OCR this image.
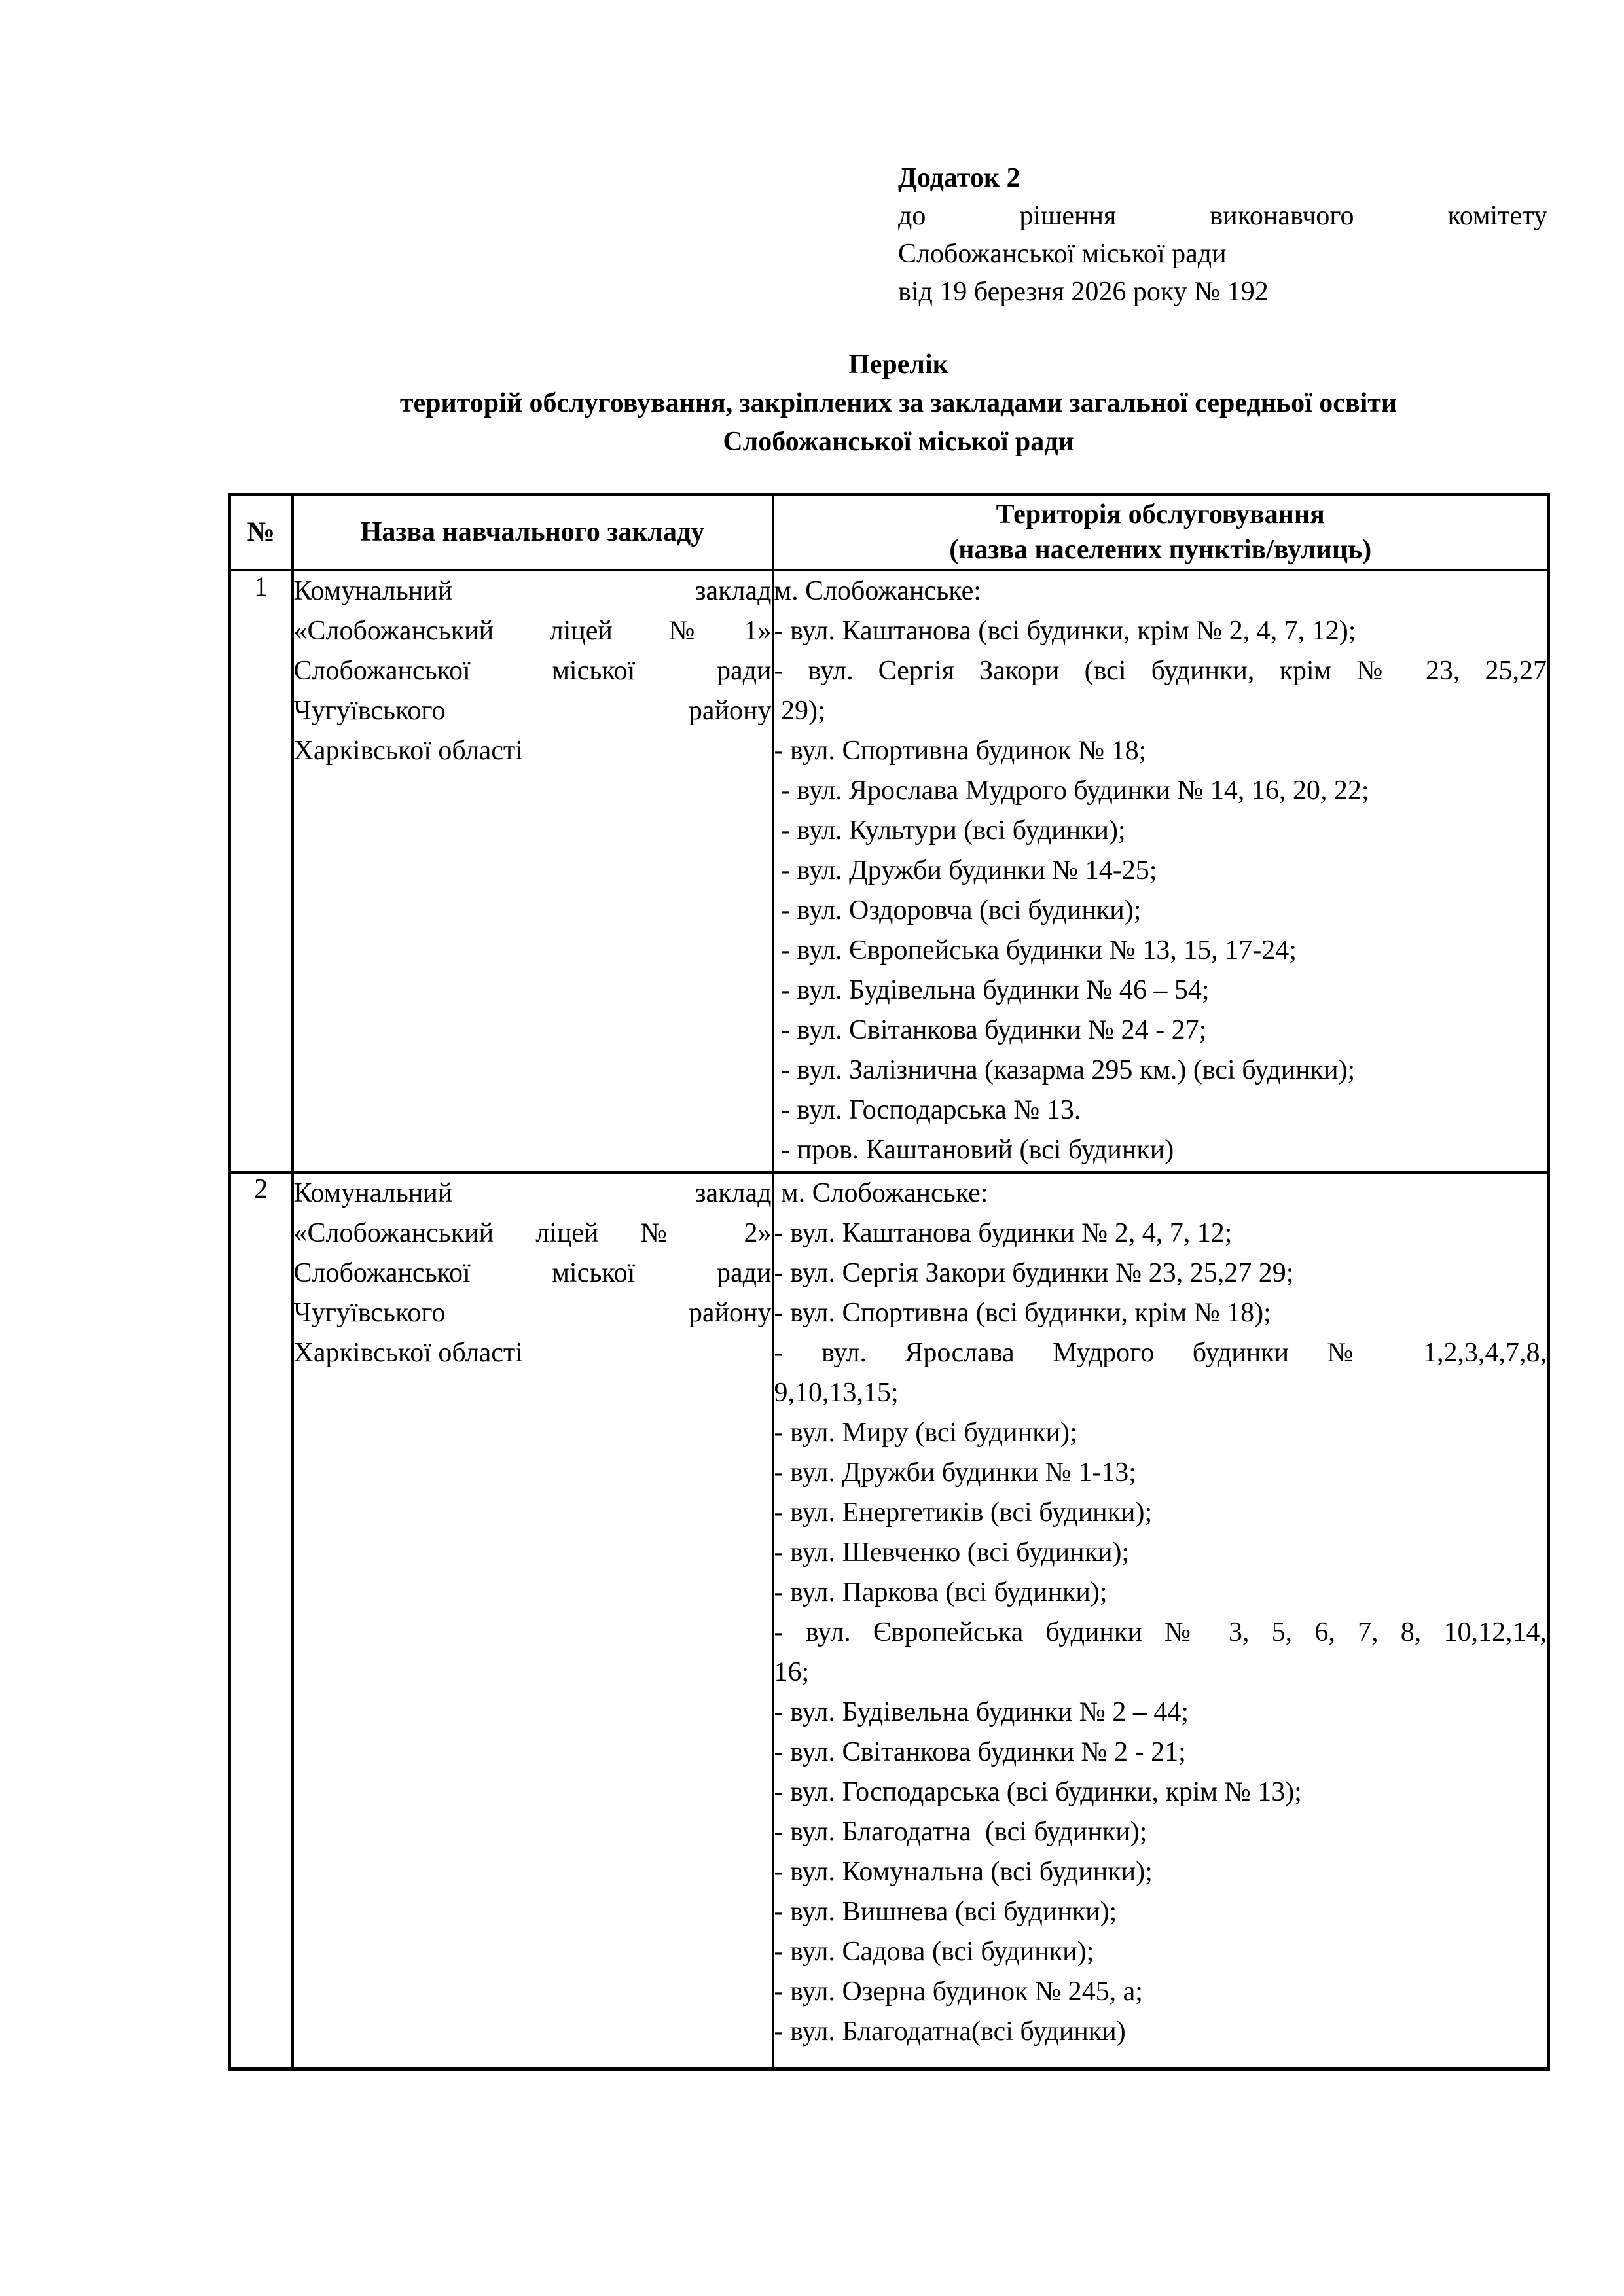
Додаток 2
до рішення виконавчого комітету
Слобожанської міської ради
від 19 березня 2026 року № 192
Перелік
територій обслуговування, закріплених за закладами загальної середньої освіти
Слобожанської міської ради
№	Назва навчального закладу	Територія обслуговування
(назва населених пунктів/вулиць)

1	Комунальний заклад
«Слобожанський ліцей №1»
Слобожанської міської ради
Чугуївського району
Харківської області

м. Слобожанське:
- вул. Каштанова (всі будинки, крім № 2, 4, 7, 12);
- вул. Сергія Закори (всі будинки, крім № 23, 25,27
29);
- вул. Спортивна будинок № 18;
- вул. Ярослава Мудрого будинки № 14, 16, 20, 22;
- вул. Культури (всі будинки);
- вул. Дружби будинки № 14-25;
- вул. Оздоровча (всі будинки);
- вул. Європейська будинки № 13, 15, 17-24;
- вул. Будівельна будинки № 46 – 54;
- вул. Світанкова будинки № 24 - 27;
- вул. Залізнична (казарма 295 км.) (всі будинки);
- вул. Господарська № 13.
- пров. Каштановий (всі будинки)

2	Комунальний заклад
«Слобожанський ліцей № 2»
Слобожанської міської ради
Чугуївського району
Харківської області

м. Слобожанське:
- вул. Каштанова будинки № 2, 4, 7, 12;
- вул. Сергія Закори будинки № 23, 25,27 29;
- вул. Спортивна (всі будинки, крім № 18);
- вул. Ярослава Мудрого будинки № 1,2,3,4,7,8,
9,10,13,15;
- вул. Миру (всі будинки);
- вул. Дружби будинки № 1-13;
- вул. Енергетиків (всі будинки);
- вул. Шевченко (всі будинки);
- вул. Паркова (всі будинки);
- вул. Європейська будинки № 3, 5, 6, 7, 8, 10,12,14,
16;
- вул. Будівельна будинки № 2 – 44;
- вул. Світанкова будинки № 2 - 21;
- вул. Господарська (всі будинки, крім № 13);
- вул. Благодатна  (всі будинки);
- вул. Комунальна (всі будинки);
- вул. Вишнева (всі будинки);
- вул. Садова (всі будинки);
- вул. Озерна будинок № 245, а;
- вул. Благодатна(всі будинки)
